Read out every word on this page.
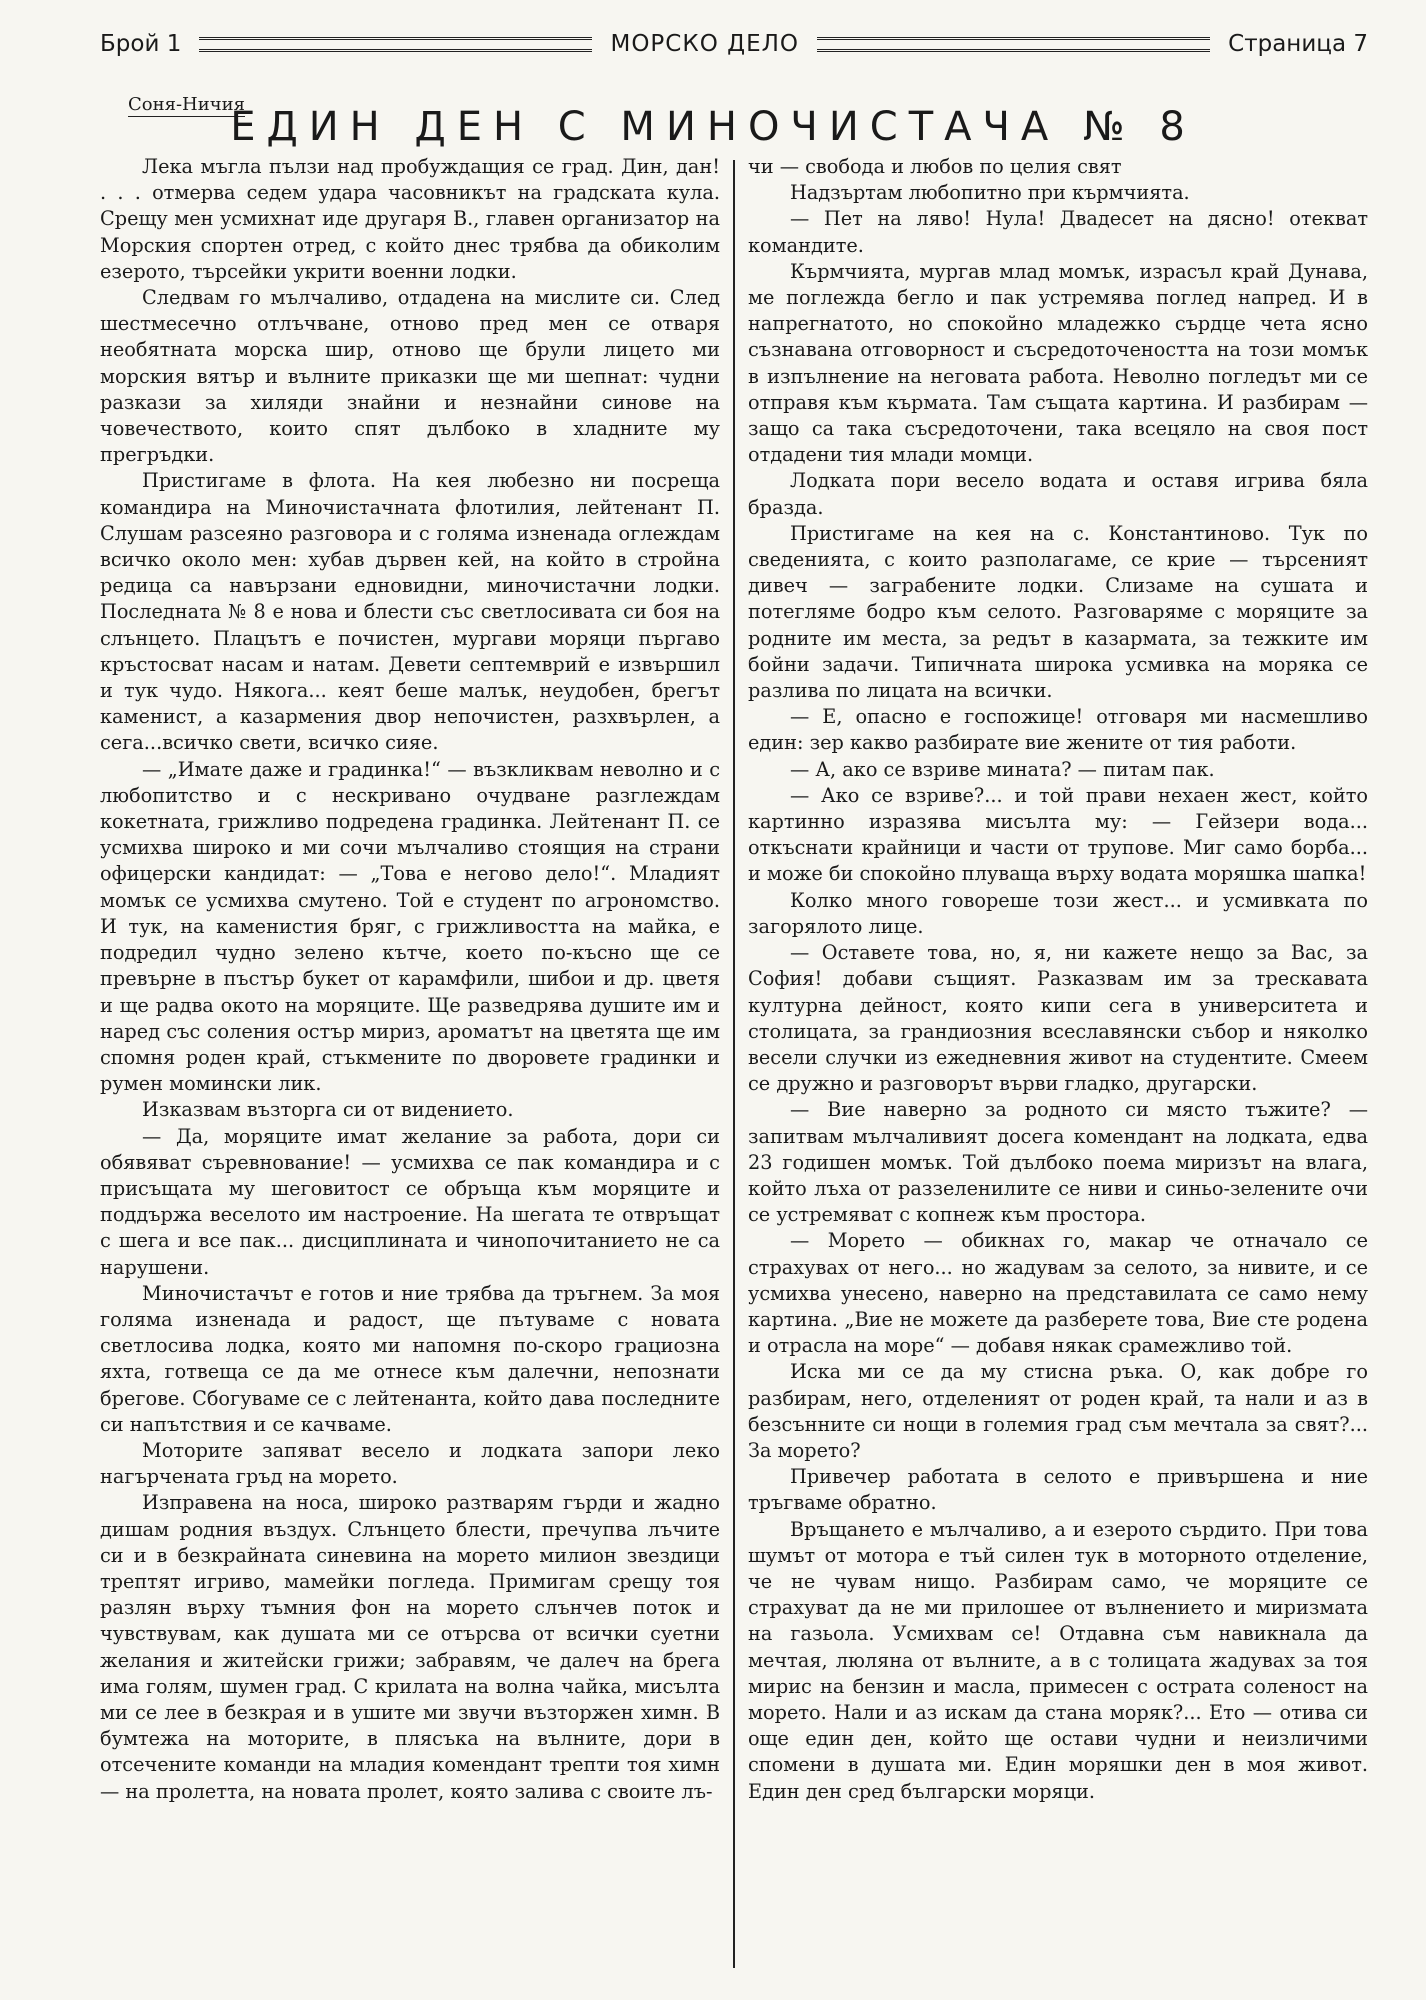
Брой 1	МОРСКО ДЕЛО	Страница 7
Соня-Ничия
ЕДИН ДЕН С МИНОЧИСТАЧА № 8

Лека мъгла пълзи над пробуждащия се град. Дин, дан! . . . отмерва седем удара часовникът на градската кула. Срещу мен усмихнат иде другаря В., главен организатор на Морския спортен отред, с който днес трябва да обиколим езерото, търсейки укрити военни лодки.

Следвам го мълчаливо, отдадена на мислите си. След шестмесечно отлъчване, отново пред мен се отваря необятната морска шир, отново ще брули лицето ми морския вятър и вълните приказки ще ми шепнат: чудни разкази за хиляди знайни и незнайни синове на човечеството, които спят дълбоко в хладните му прегръдки.

Пристигаме в флота. На кея любезно ни посреща командира на Миночистачната флотилия, лейтенант П. Слушам разсеяно разговора и с голяма изненада оглеждам всичко около мен: хубав дървен кей, на който в стройна редица са навързани едновидни, миночистачни лодки. Последната № 8 е нова и блести със светлосивата си боя на слънцето. Плацътъ е почистен, мургави моряци пъргаво кръстосват насам и натам. Девети септемврий е извършил и тук чудо. Някога... кеят беше малък, неудобен, брегът каменист, а казармения двор непочистен, разхвърлен, а сега...всичко свети, всичко сияе.

— „Имате даже и градинка!“ — възкликвам неволно и с любопитство и с нескривано очудване разглеждам кокетната, грижливо подредена градинка. Лейтенант П. се усмихва широко и ми сочи мълчаливо стоящия на страни офицерски кандидат: — „Това е негово дело!“. Младият момък се усмихва смутено. Той е студент по агрономство. И тук, на каменистия бряг, с грижливостта на майка, е подредил чудно зелено кътче, което по-късно ще се превърне в пъстър букет от карамфили, шибои и др. цветя и ще радва окото на моряците. Ще разведрява душите им и наред със соления остър мириз, ароматът на цветята ще им спомня роден край, стъкмените по дворовете градинки и румен момински лик.

Изказвам възторга си от видението.

— Да, моряците имат желание за работа, дори си обявяват съревнование! — усмихва се пак командира и с присъщата му шеговитост се обръща към моряците и поддържа веселото им настроение. На шегата те отвръщат с шега и все пак... дисциплината и чинопочитанието не са нарушени.

Миночистачът е готов и ние трябва да тръгнем. За моя голяма изненада и радост, ще пътуваме с новата светлосива лодка, която ми напомня по-скоро грациозна яхта, готвеща се да ме отнесе към далечни, непознати брегове. Сбогуваме се с лейтенанта, който дава последните си напътствия и се качваме.

Моторите запяват весело и лодката запори леко нагърчената гръд на морето.

Изправена на носа, широко разтварям гърди и жадно дишам родния въздух. Слънцето блести, пречупва лъчите си и в безкрайната синевина на морето милион звездици трептят игриво, мамейки погледа. Примигам срещу тоя разлян върху тъмния фон на морето слънчев поток и чувствувам, как душата ми се отърсва от всички суетни желания и житейски грижи; забравям, че далеч на брега има голям, шумен град. С крилата на волна чайка, мисълта ми се лее в безкрая и в ушите ми звучи възторжен химн. В бумтежа на моторите, в плясъка на вълните, дори в отсечените команди на младия комендант трепти тоя химн — на пролетта, на новата пролет, която залива с своите лъ-

чи — свобода и любов по целия свят

Надзъртам любопитно при кърмчията.

— Пет на ляво! Нула! Двадесет на дясно! отекват командите.

Кърмчията, мургав млад момък, израсъл край Дунава, ме поглежда бегло и пак устремява поглед напред. И в напрегнатото, но спокойно младежко сърдце чета ясно съзнавана отговорност и съсредоточеността на този момък в изпълнение на неговата работа. Неволно погледът ми се отправя към кърмата. Там същата картина. И разбирам — защо са така съсредоточени, така всецяло на своя пост отдадени тия млади момци.

Лодката пори весело водата и оставя игрива бяла бразда.

Пристигаме на кея на с. Константиново. Тук по сведенията, с които разполагаме, се крие — търсеният дивеч — заграбените лодки. Слизаме на сушата и потегляме бодро към селото. Разговаряме с моряците за родните им места, за редът в казармата, за тежките им бойни задачи. Типичната широка усмивка на моряка се разлива по лицата на всички.

— Е, опасно е госпожице! отговаря ми насмешливо един: зер какво разбирате вие жените от тия работи.

— А, ако се взриве мината? — питам пак.

— Ако се взриве?... и той прави нехаен жест, който картинно изразява мисълта му: — Гейзери вода... откъснати крайници и части от трупове. Миг само борба... и може би спокойно плуваща върху водата моряшка шапка!

Колко много говореше този жест... и усмивката по загорялото лице.

— Оставете това, но, я, ни кажете нещо за Вас, за София! добави същият. Разказвам им за трескавата културна дейност, която кипи сега в университета и столицата, за грандиозния всеславянски събор и няколко весели случки из ежедневния живот на студентите. Смеем се дружно и разговорът върви гладко, другарски.

— Вие наверно за родното си място тъжите? — запитвам мълчаливият досега комендант на лодката, едва 23 годишен момък. Той дълбоко поема миризът на влага, който лъха от раззеленилите се ниви и синьо-зелените очи се устремяват с копнеж към простора.

— Морето — обикнах го, макар че отначало се страхувах от него... но жадувам за селото, за нивите, и се усмихва унесено, наверно на представилата се само нему картина. „Вие не можете да разберете това, Вие сте родена и отрасла на море“ — добавя някак срамежливо той.

Иска ми се да му стисна ръка. О, как добре го разбирам, него, отделеният от роден край, та нали и аз в безсънните си нощи в големия град съм мечтала за свят?... За морето?

Привечер работата в селото е привършена и ние тръгваме обратно.

Връщането е мълчаливо, а и езерото сърдито. При това шумът от мотора е тъй силен тук в моторното отделение, че не чувам нищо. Разбирам само, че моряците се страхуват да не ми прилошее от вълнението и миризмата на газьола. Усмихвам се! Отдавна съм навикнала да мечтая, люляна от вълните, а в с толицата жадувах за тоя мирис на бензин и масла, примесен с острата соленост на морето. Нали и аз искам да стана моряк?... Ето — отива си още един ден, който ще остави чудни и неизличими спомени в душата ми. Един моряшки ден в моя живот. Един ден сред български моряци.
